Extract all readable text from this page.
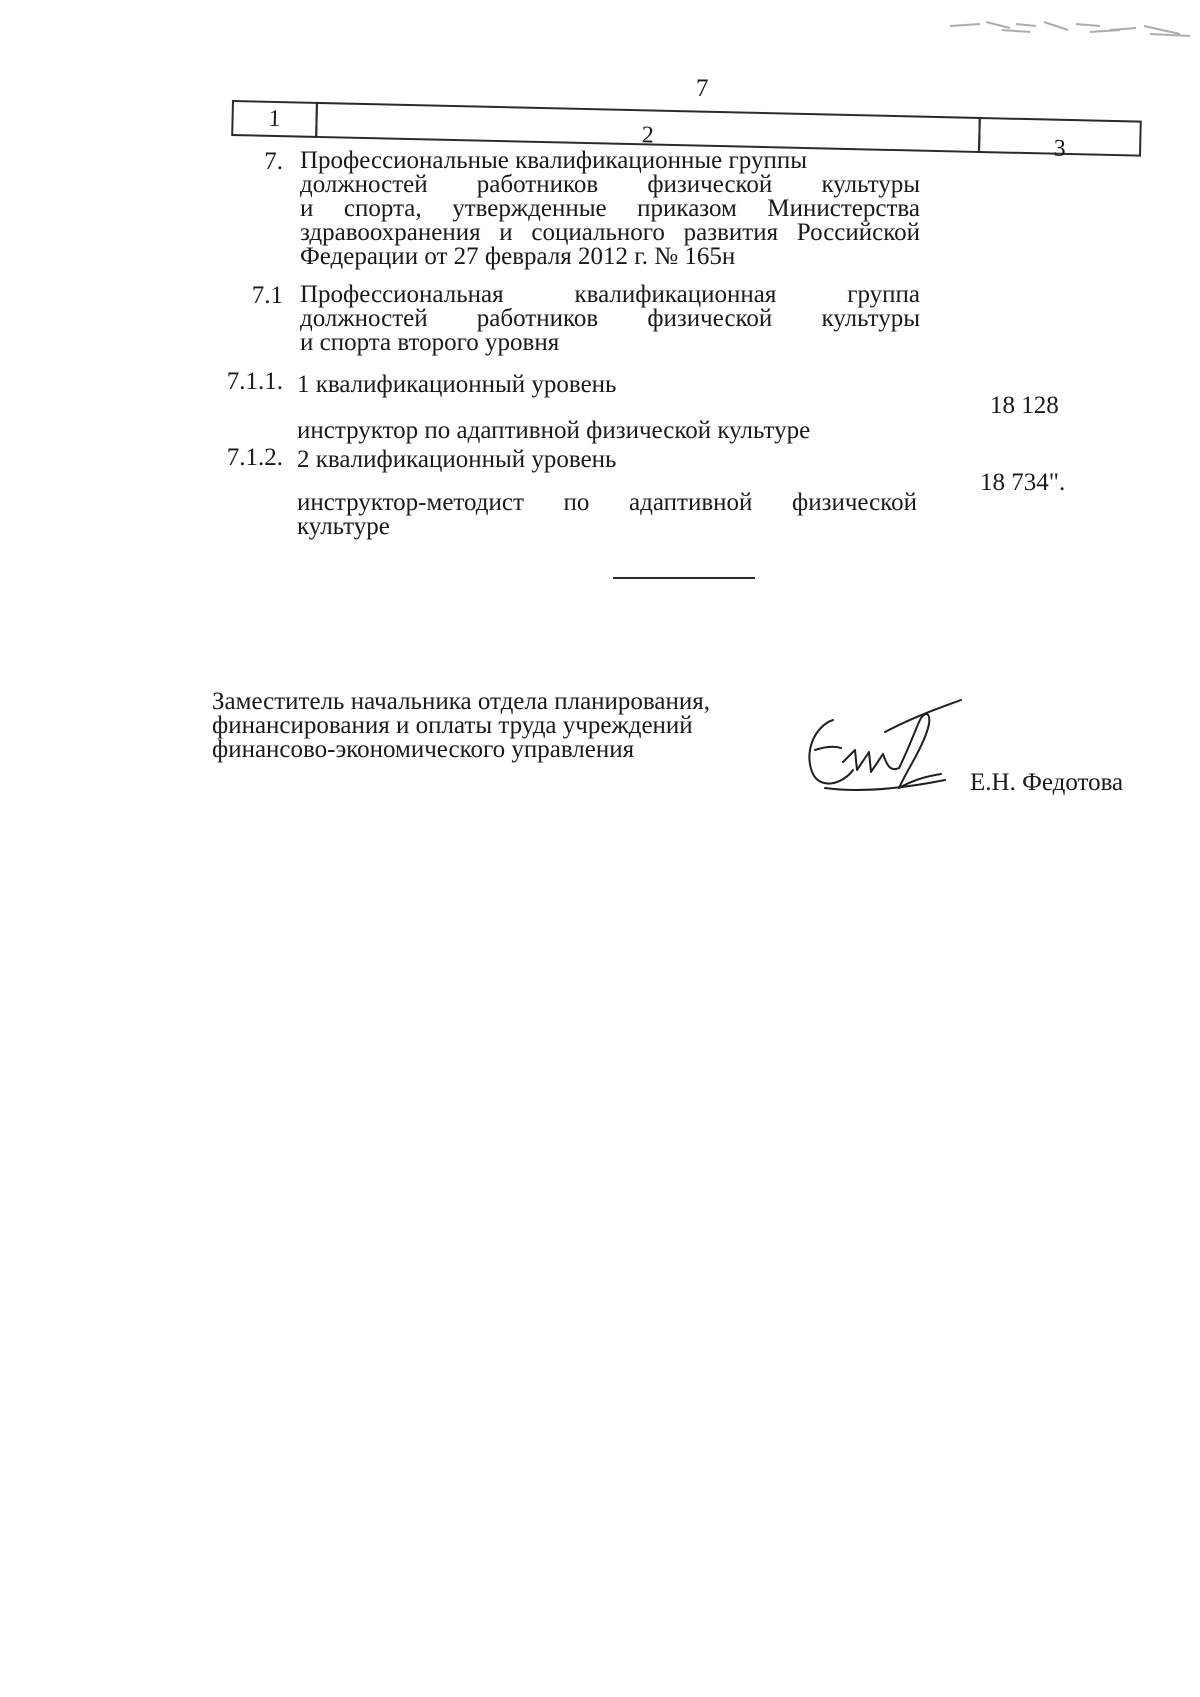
7
1
2
3
7. Профессиональные квалификационные группы
должностей работников физической культуры
и спорта, утвержденные приказом Министерства
здравоохранения и социального развития Российской
Федерации от 27 февраля 2012 г. № 165н
7.1 Профессиональная квалификационная группа
должностей работников физической культуры
и спорта второго уровня
7.1.1. 1 квалификационный уровень
инструктор по адаптивной физической культуре
18 128
7.1.2. 2 квалификационный уровень
инструктор-методист по адаптивной физической
культуре
18 734".
Заместитель начальника отдела планирования,
финансирования и оплаты труда учреждений
финансово-экономического управления
Е.Н. Федотова
